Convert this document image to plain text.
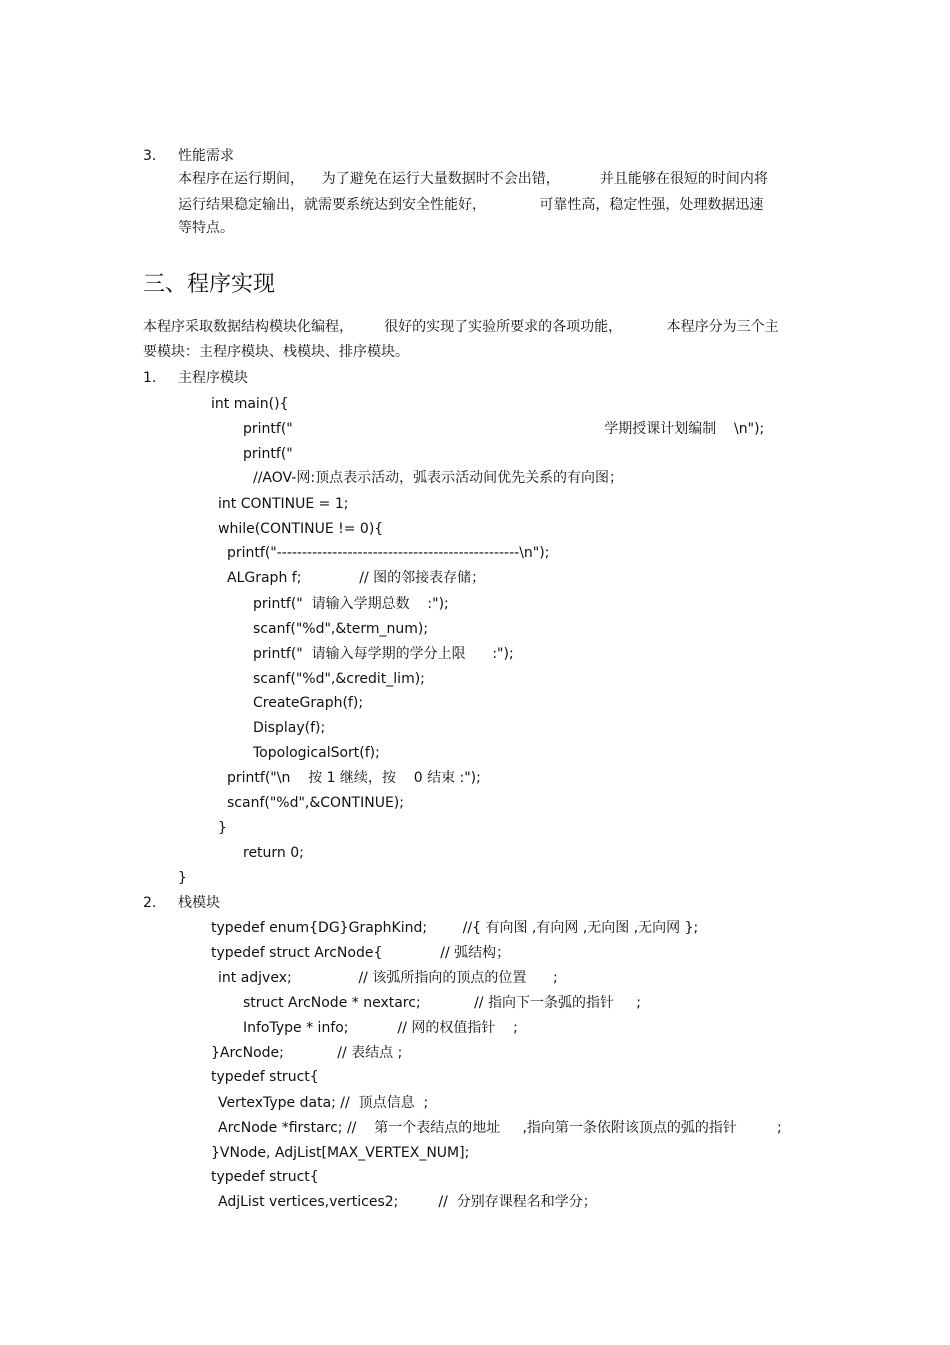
3. 性能需求
本程序在运行期间，    为了避免在运行大量数据时不会出错，         并且能够在很短的时间内将
运行结果稳定输出，就需要系统达到安全性能好，            可靠性高，稳定性强，处理数据迅速
等特点。
三、程序实现
本程序采取数据结构模块化编程，       很好的实现了实验所要求的各项功能，          本程序分为三个主
要模块：主程序模块、栈模块、排序模块。
1. 主程序模块
int main(){
printf("                                                                      学期授课计划编制    \n");
printf("
//AOV-网:顶点表示活动，弧表示活动间优先关系的有向图；
int CONTINUE = 1;
while(CONTINUE != 0){
printf("------------------------------------------------\n");
ALGraph f;             // 图的邻接表存储；
printf("  请输入学期总数    :");
scanf("%d",&term_num);
printf("  请输入每学期的学分上限      :");
scanf("%d",&credit_lim);
CreateGraph(f);
Display(f);
TopologicalSort(f);
printf("\n    按 1 继续，按    0 结束 :");
scanf("%d",&CONTINUE);
}
return 0;
}
2. 栈模块
typedef enum{DG}GraphKind;        //{ 有向图 ,有向网 ,无向图 ,无向网 };
typedef struct ArcNode{             // 弧结构；
int adjvex;               // 该弧所指向的顶点的位置      ;
struct ArcNode * nextarc;            // 指向下一条弧的指针     ;
InfoType * info;           // 网的权值指针    ;
}ArcNode;            // 表结点 ;
typedef struct{
VertexType data; //  顶点信息  ;
ArcNode *firstarc; //    第一个表结点的地址     ,指向第一条依附该顶点的弧的指针         ;
}VNode, AdjList[MAX_VERTEX_NUM];
typedef struct{
AdjList vertices,vertices2;         //  分别存课程名和学分；
